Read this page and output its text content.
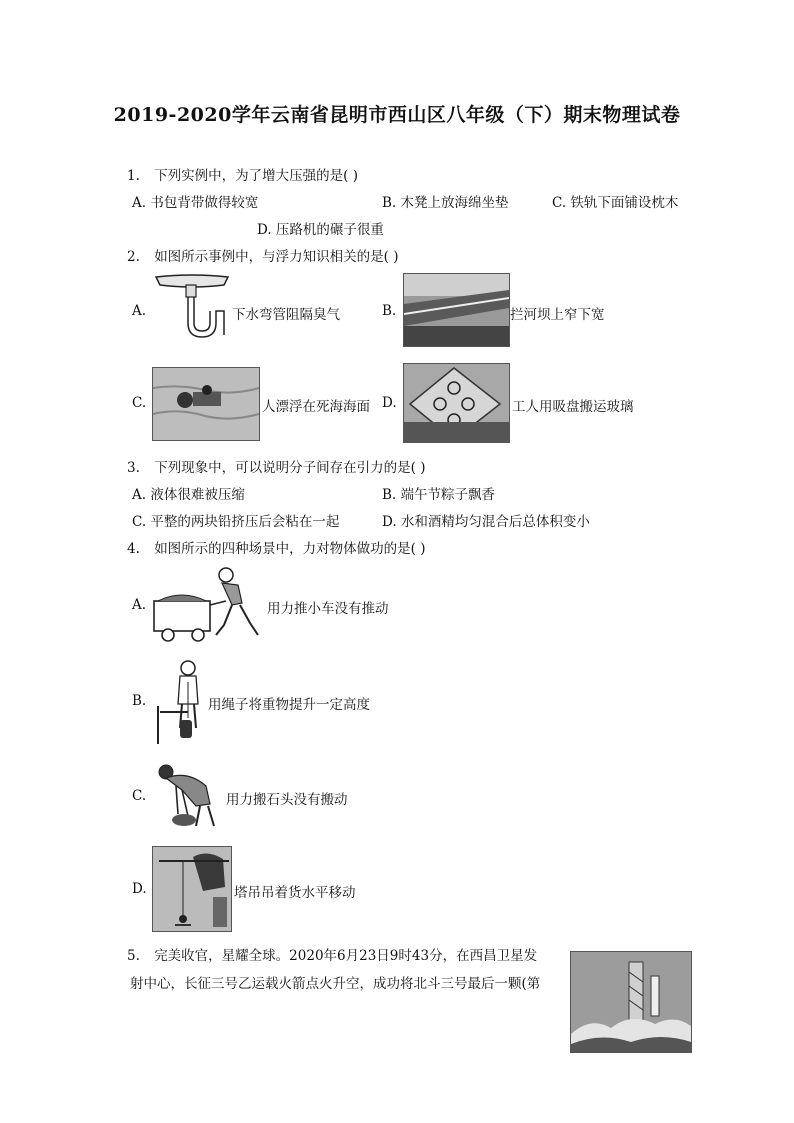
2019-2020学年云南省昆明市西山区八年级（下）期末物理试卷
1. 下列实例中，为了增大压强的是( )
A. 书包背带做得较宽	B. 木凳上放海绵坐垫	C. 铁轨下面铺设枕木
D. 压路机的碾子很重
2. 如图所示事例中，与浮力知识相关的是( )
A.	下水弯管阻隔臭气	B.	拦河坝上窄下宽
C.	人漂浮在死海海面 D.	工人用吸盘搬运玻璃
3. 下列现象中，可以说明分子间存在引力的是( )
A. 液体很难被压缩	B. 端午节粽子飘香
C. 平整的两块铅挤压后会粘在一起	D. 水和酒精均匀混合后总体积变小
4. 如图所示的四种场景中，力对物体做功的是( )
A.	用力推小车没有推动
B.	用绳子将重物提升一定高度
C.	用力搬石头没有搬动
D.	塔吊吊着货水平移动
5. 完美收官，星耀全球。2020年6月23日9时43分，在西昌卫星发
射中心，长征三号乙运载火箭点火升空，成功将北斗三号最后一颗(第
